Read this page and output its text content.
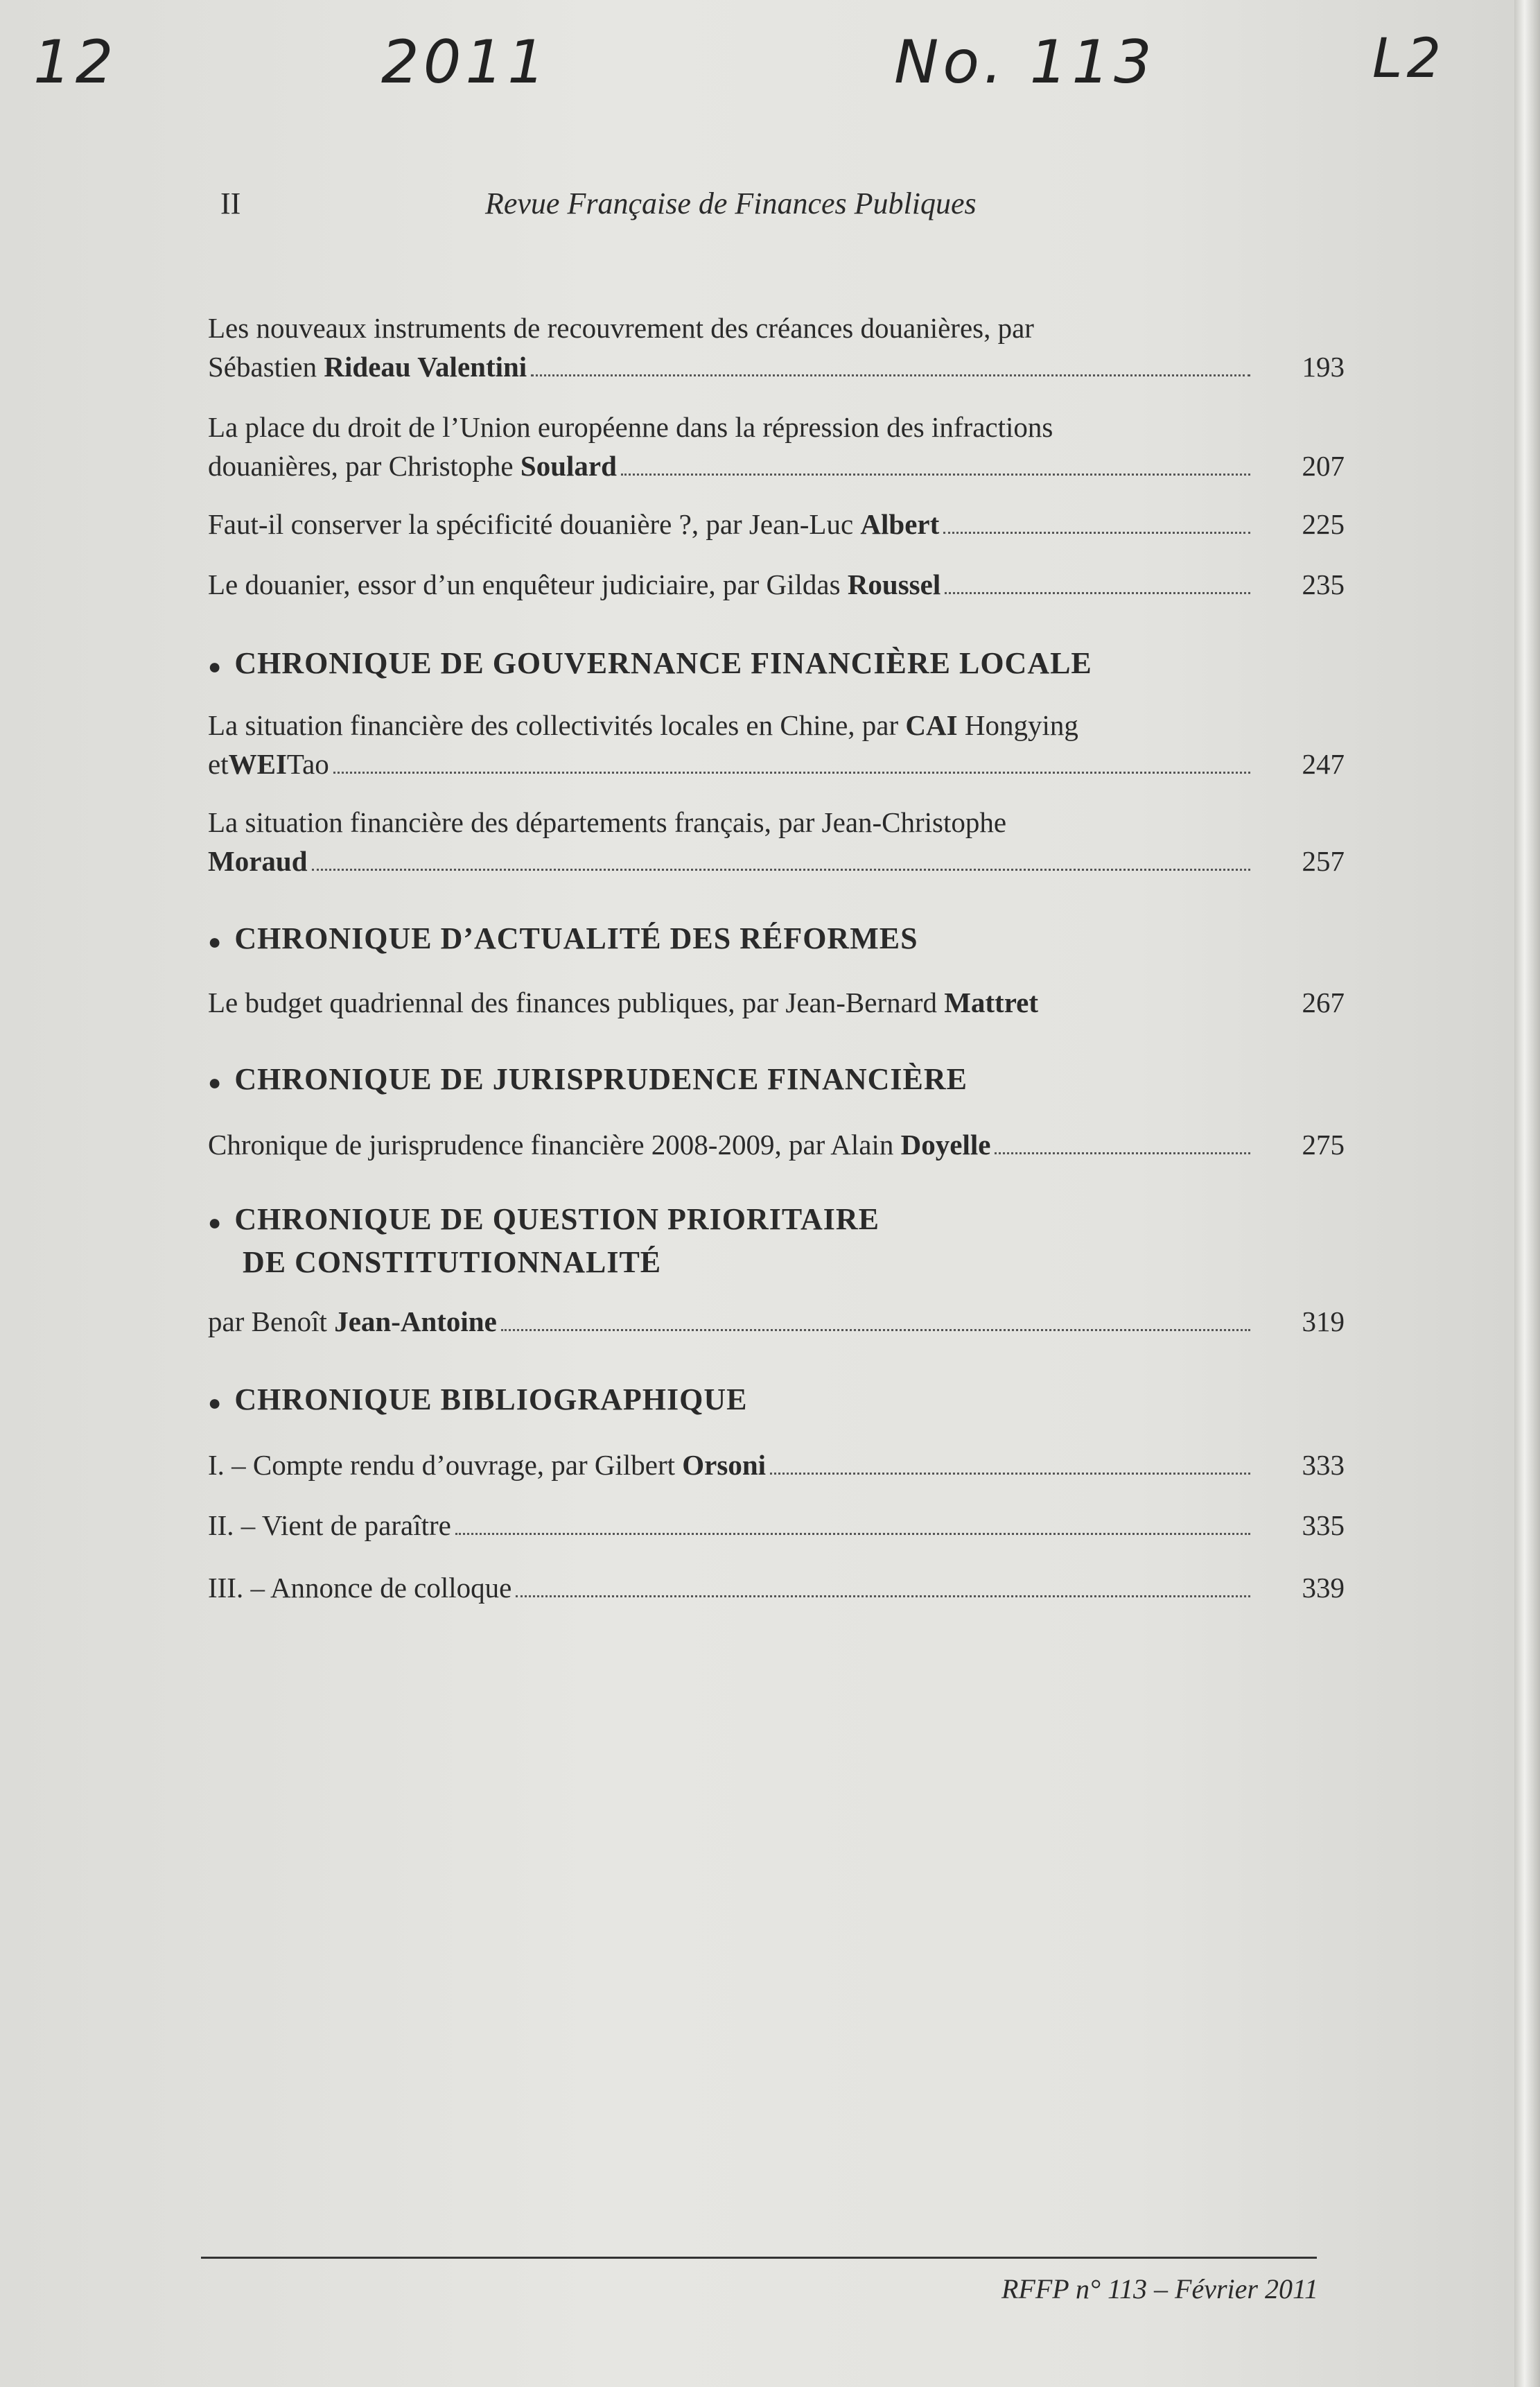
12	2011	No. 113	L2
II	Revue Française de Finances Publiques
Les nouveaux instruments de recouvrement des créances douanières, par
Sébastien
Rideau Valentini	193
La place du droit de l’Union européenne dans la répression des infractions
douanières, par Christophe
Soulard	207
Faut-il conserver la spécificité douanière ?, par Jean-Luc
Albert	225
Le douanier, essor d’un enquêteur judiciaire, par Gildas
Roussel	235
● CHRONIQUE DE GOUVERNANCE FINANCIÈRE LOCALE
La situation financière des collectivités locales en Chine, par CAI Hongying
et WEI Tao	247
La situation financière des départements français, par Jean-Christophe
Moraud	257
● CHRONIQUE D’ACTUALITÉ DES RÉFORMES
Le budget quadriennal des finances publiques, par Jean-Bernard
Mattret	267
● CHRONIQUE DE JURISPRUDENCE FINANCIÈRE
Chronique de jurisprudence financière 2008-2009, par Alain
Doyelle	275
● CHRONIQUE DE QUESTION PRIORITAIRE
DE CONSTITUTIONNALITÉ
par Benoît
Jean-Antoine	319
● CHRONIQUE BIBLIOGRAPHIQUE
I. – Compte rendu d’ouvrage, par Gilbert
Orsoni	333
II. – Vient de paraître	335
III. – Annonce de colloque	339
RFFP n° 113 – Février 2011
